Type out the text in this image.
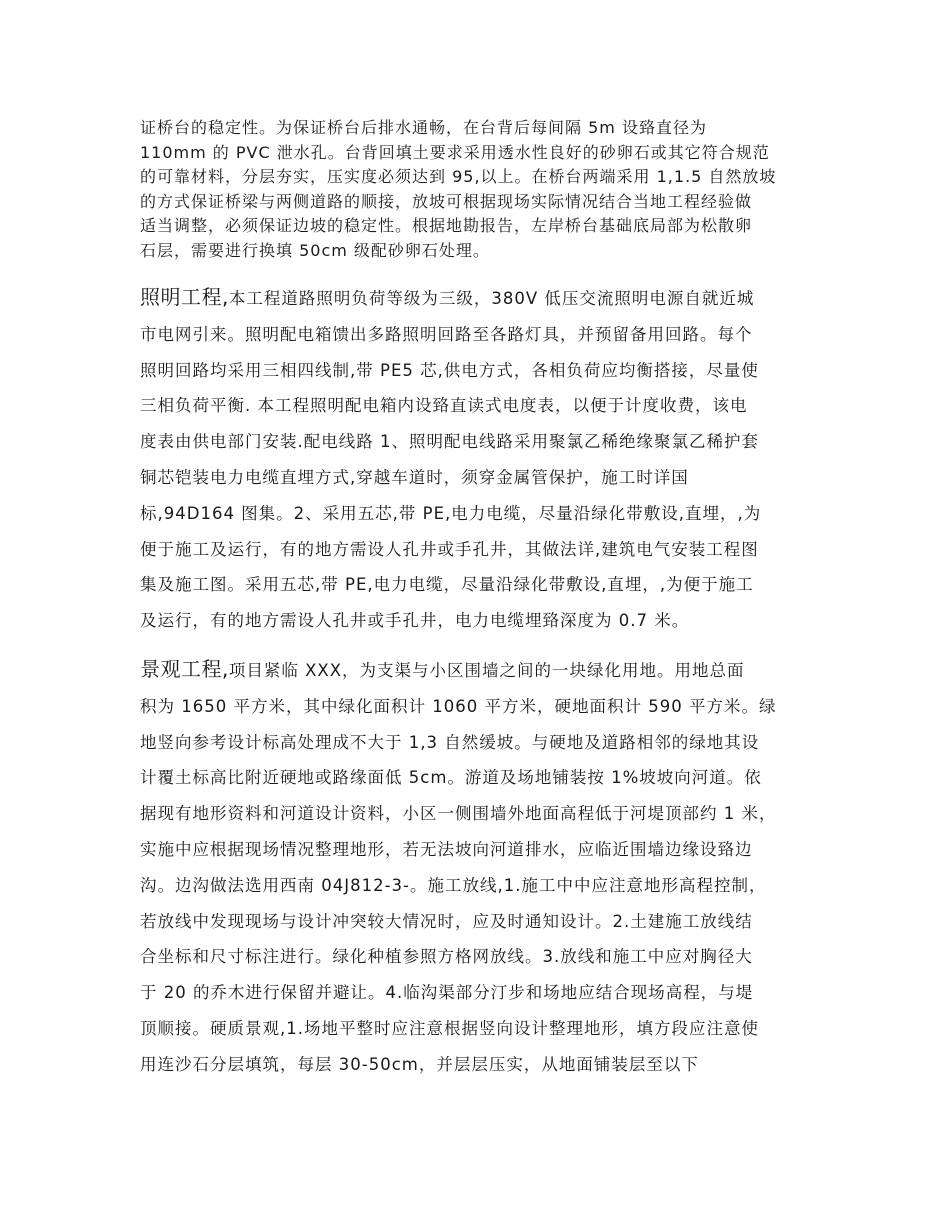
证桥台的稳定性。为保证桥台后排水通畅，在台背后每间隔 5m 设臵直径为
110mm 的 PVC 泄水孔。台背回填土要求采用透水性良好的砂卵石或其它符合规范
的可靠材料，分层夯实，压实度必须达到 95,以上。在桥台两端采用 1,1.5 自然放坡
的方式保证桥梁与两侧道路的顺接，放坡可根据现场实际情况结合当地工程经验做
适当调整，必须保证边坡的稳定性。根据地勘报告，左岸桥台基础底局部为松散卵
石层，需要进行换填 50cm 级配砂卵石处理。

照明工程,本工程道路照明负荷等级为三级，380V 低压交流照明电源自就近城
市电网引来。照明配电箱馈出多路照明回路至各路灯具，并预留备用回路。每个
照明回路均采用三相四线制,带 PE5 芯,供电方式，各相负荷应均衡搭接，尽量使
三相负荷平衡. 本工程照明配电箱内设臵直读式电度表，以便于计度收费，该电
度表由供电部门安装.配电线路 1、照明配电线路采用聚氯乙稀绝缘聚氯乙稀护套
铜芯铠装电力电缆直埋方式,穿越车道时，须穿金属管保护，施工时详国
标,94D164 图集。2、采用五芯,带 PE,电力电缆，尽量沿绿化带敷设,直埋，,为
便于施工及运行，有的地方需设人孔井或手孔井，其做法详,建筑电气安装工程图
集及施工图。采用五芯,带 PE,电力电缆，尽量沿绿化带敷设,直埋，,为便于施工
及运行，有的地方需设人孔井或手孔井，电力电缆埋臵深度为 0.7 米。

景观工程,项目紧临 XXX，为支渠与小区围墙之间的一块绿化用地。用地总面
积为 1650 平方米，其中绿化面积计 1060 平方米，硬地面积计 590 平方米。绿
地竖向参考设计标高处理成不大于 1,3 自然缓坡。与硬地及道路相邻的绿地其设
计覆土标高比附近硬地或路缘面低 5cm。游道及场地铺装按 1%坡坡向河道。依
据现有地形资料和河道设计资料，小区一侧围墙外地面高程低于河堤顶部约 1 米，
实施中应根据现场情况整理地形，若无法坡向河道排水，应临近围墙边缘设臵边
沟。边沟做法选用西南 04J812-3-。施工放线,1.施工中中应注意地形高程控制，
若放线中发现现场与设计冲突较大情况时，应及时通知设计。2.土建施工放线结
合坐标和尺寸标注进行。绿化种植参照方格网放线。3.放线和施工中应对胸径大
于 20 的乔木进行保留并避让。4.临沟渠部分汀步和场地应结合现场高程，与堤
顶顺接。硬质景观,1.场地平整时应注意根据竖向设计整理地形，填方段应注意使
用连沙石分层填筑，每层 30-50cm，并层层压实，从地面铺装层至以下
